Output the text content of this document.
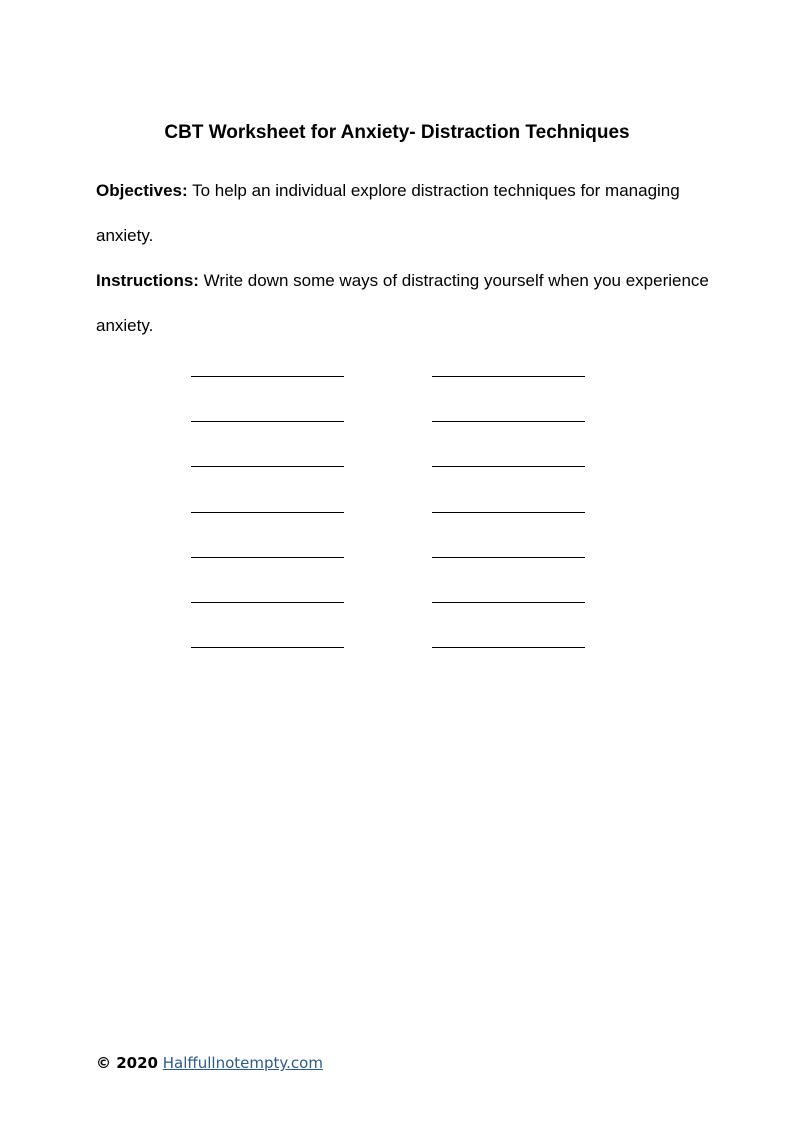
CBT Worksheet for Anxiety- Distraction Techniques

Objectives: To help an individual explore distraction techniques for managing anxiety.

Instructions: Write down some ways of distracting yourself when you experience anxiety.

© 2020 Halffullnotempty.com
